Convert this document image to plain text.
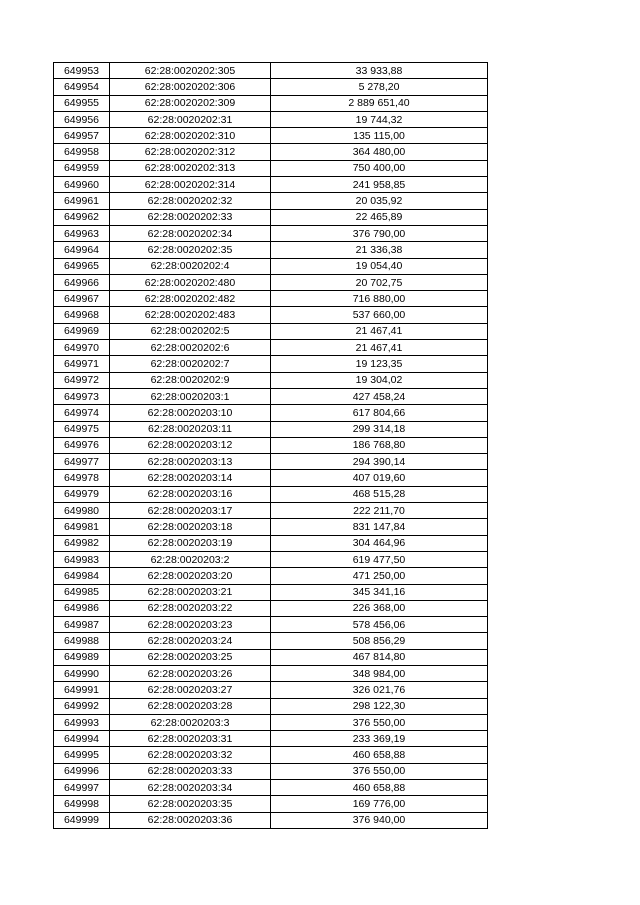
649953	62:28:0020202:305	33 933,88
649954	62:28:0020202:306	5 278,20
649955	62:28:0020202:309	2 889 651,40
649956	62:28:0020202:31	19 744,32
649957	62:28:0020202:310	135 115,00
649958	62:28:0020202:312	364 480,00
649959	62:28:0020202:313	750 400,00
649960	62:28:0020202:314	241 958,85
649961	62:28:0020202:32	20 035,92
649962	62:28:0020202:33	22 465,89
649963	62:28:0020202:34	376 790,00
649964	62:28:0020202:35	21 336,38
649965	62:28:0020202:4	19 054,40
649966	62:28:0020202:480	20 702,75
649967	62:28:0020202:482	716 880,00
649968	62:28:0020202:483	537 660,00
649969	62:28:0020202:5	21 467,41
649970	62:28:0020202:6	21 467,41
649971	62:28:0020202:7	19 123,35
649972	62:28:0020202:9	19 304,02
649973	62:28:0020203:1	427 458,24
649974	62:28:0020203:10	617 804,66
649975	62:28:0020203:11	299 314,18
649976	62:28:0020203:12	186 768,80
649977	62:28:0020203:13	294 390,14
649978	62:28:0020203:14	407 019,60
649979	62:28:0020203:16	468 515,28
649980	62:28:0020203:17	222 211,70
649981	62:28:0020203:18	831 147,84
649982	62:28:0020203:19	304 464,96
649983	62:28:0020203:2	619 477,50
649984	62:28:0020203:20	471 250,00
649985	62:28:0020203:21	345 341,16
649986	62:28:0020203:22	226 368,00
649987	62:28:0020203:23	578 456,06
649988	62:28:0020203:24	508 856,29
649989	62:28:0020203:25	467 814,80
649990	62:28:0020203:26	348 984,00
649991	62:28:0020203:27	326 021,76
649992	62:28:0020203:28	298 122,30
649993	62:28:0020203:3	376 550,00
649994	62:28:0020203:31	233 369,19
649995	62:28:0020203:32	460 658,88
649996	62:28:0020203:33	376 550,00
649997	62:28:0020203:34	460 658,88
649998	62:28:0020203:35	169 776,00
649999	62:28:0020203:36	376 940,00
